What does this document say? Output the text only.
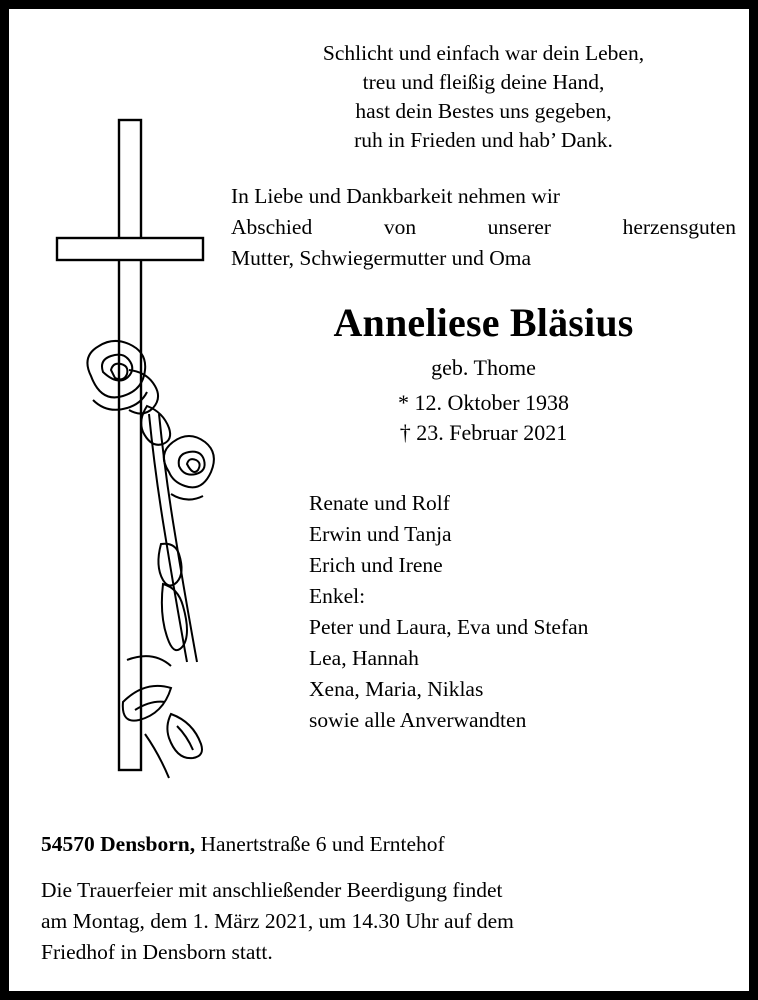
Schlicht und einfach war dein Leben,
treu und fleißig deine Hand,
hast dein Bestes uns gegeben,
ruh in Frieden und hab’ Dank.
In Liebe und Dankbarkeit nehmen wir
Abschied	von	unserer	herzensguten
Mutter, Schwiegermutter und Oma
Anneliese Bläsius
geb. Thome
* 12. Oktober 1938
† 23. Februar 2021
Renate und Rolf
Erwin und Tanja
Erich und Irene
Enkel:
Peter und Laura, Eva und Stefan
Lea, Hannah
Xena, Maria, Niklas
sowie alle Anverwandten
54570 Densborn, Hanertstraße 6 und Erntehof
Die Trauerfeier mit anschließender Beerdigung findet
am Montag, dem 1. März 2021, um 14.30 Uhr auf dem
Friedhof in Densborn statt.
